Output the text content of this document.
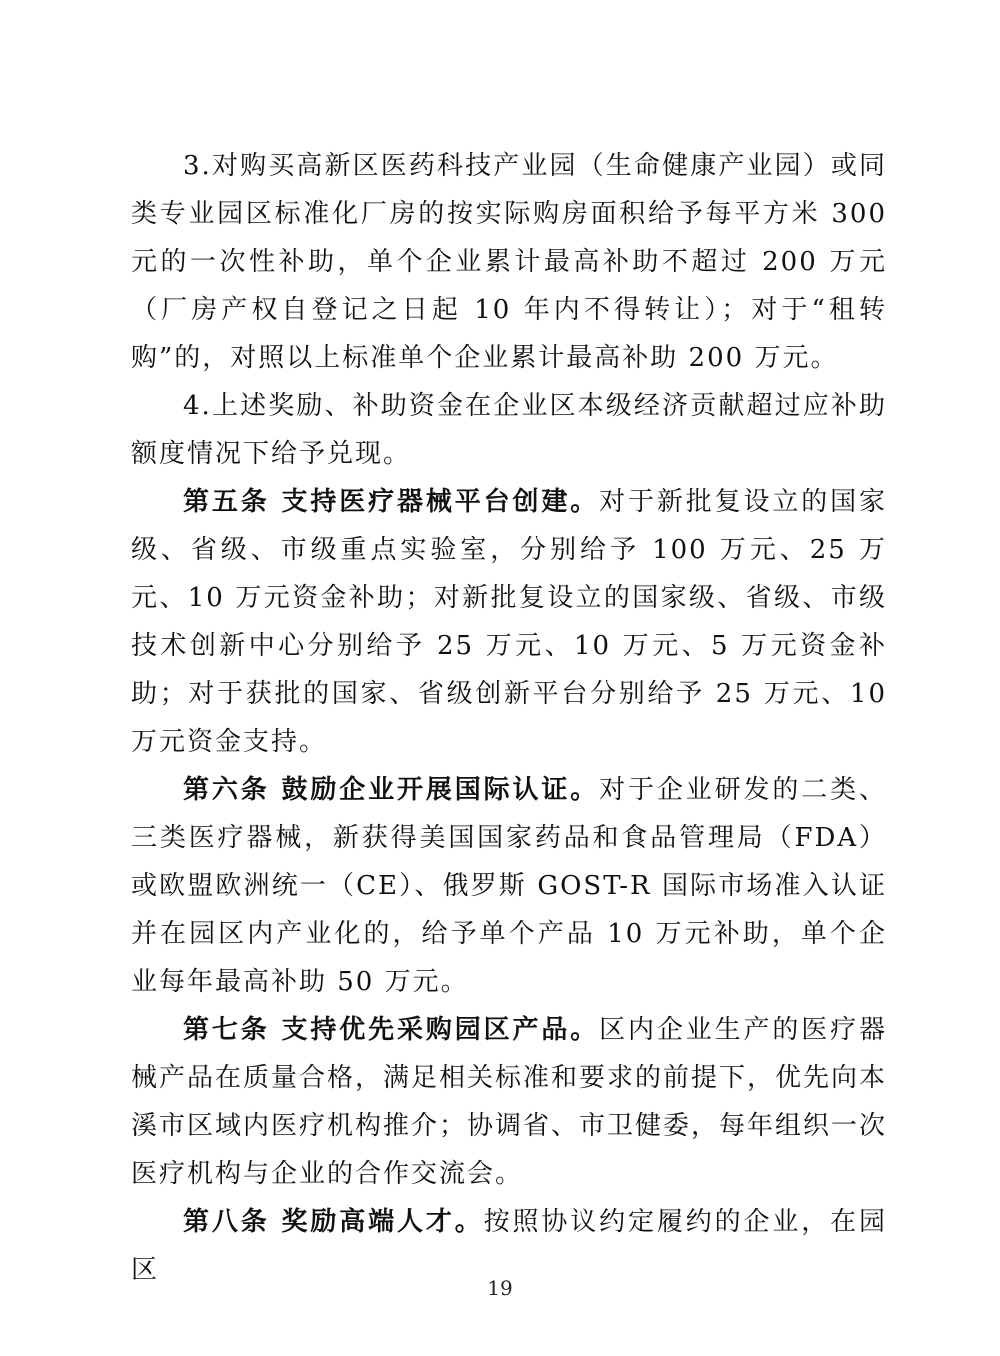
3.对购买高新区医药科技产业园（生命健康产业园）或同类专业园区标准化厂房的按实际购房面积给予每平方米 300 元的一次性补助，单个企业累计最高补助不超过 200 万元（厂房产权自登记之日起 10 年内不得转让）；对于“租转购”的，对照以上标准单个企业累计最高补助 200 万元。

4.上述奖励、补助资金在企业区本级经济贡献超过应补助额度情况下给予兑现。

第五条 支持医疗器械平台创建。对于新批复设立的国家级、省级、市级重点实验室，分别给予 100 万元、25 万元、10 万元资金补助；对新批复设立的国家级、省级、市级技术创新中心分别给予 25 万元、10 万元、5 万元资金补助；对于获批的国家、省级创新平台分别给予 25 万元、10 万元资金支持。

第六条 鼓励企业开展国际认证。对于企业研发的二类、三类医疗器械，新获得美国国家药品和食品管理局（FDA）或欧盟欧洲统一（CE）、俄罗斯 GOST-R 国际市场准入认证并在园区内产业化的，给予单个产品 10 万元补助，单个企业每年最高补助 50 万元。

第七条 支持优先采购园区产品。区内企业生产的医疗器械产品在质量合格，满足相关标准和要求的前提下，优先向本溪市区域内医疗机构推介；协调省、市卫健委，每年组织一次医疗机构与企业的合作交流会。

第八条 奖励高端人才。按照协议约定履约的企业，在园区

19
